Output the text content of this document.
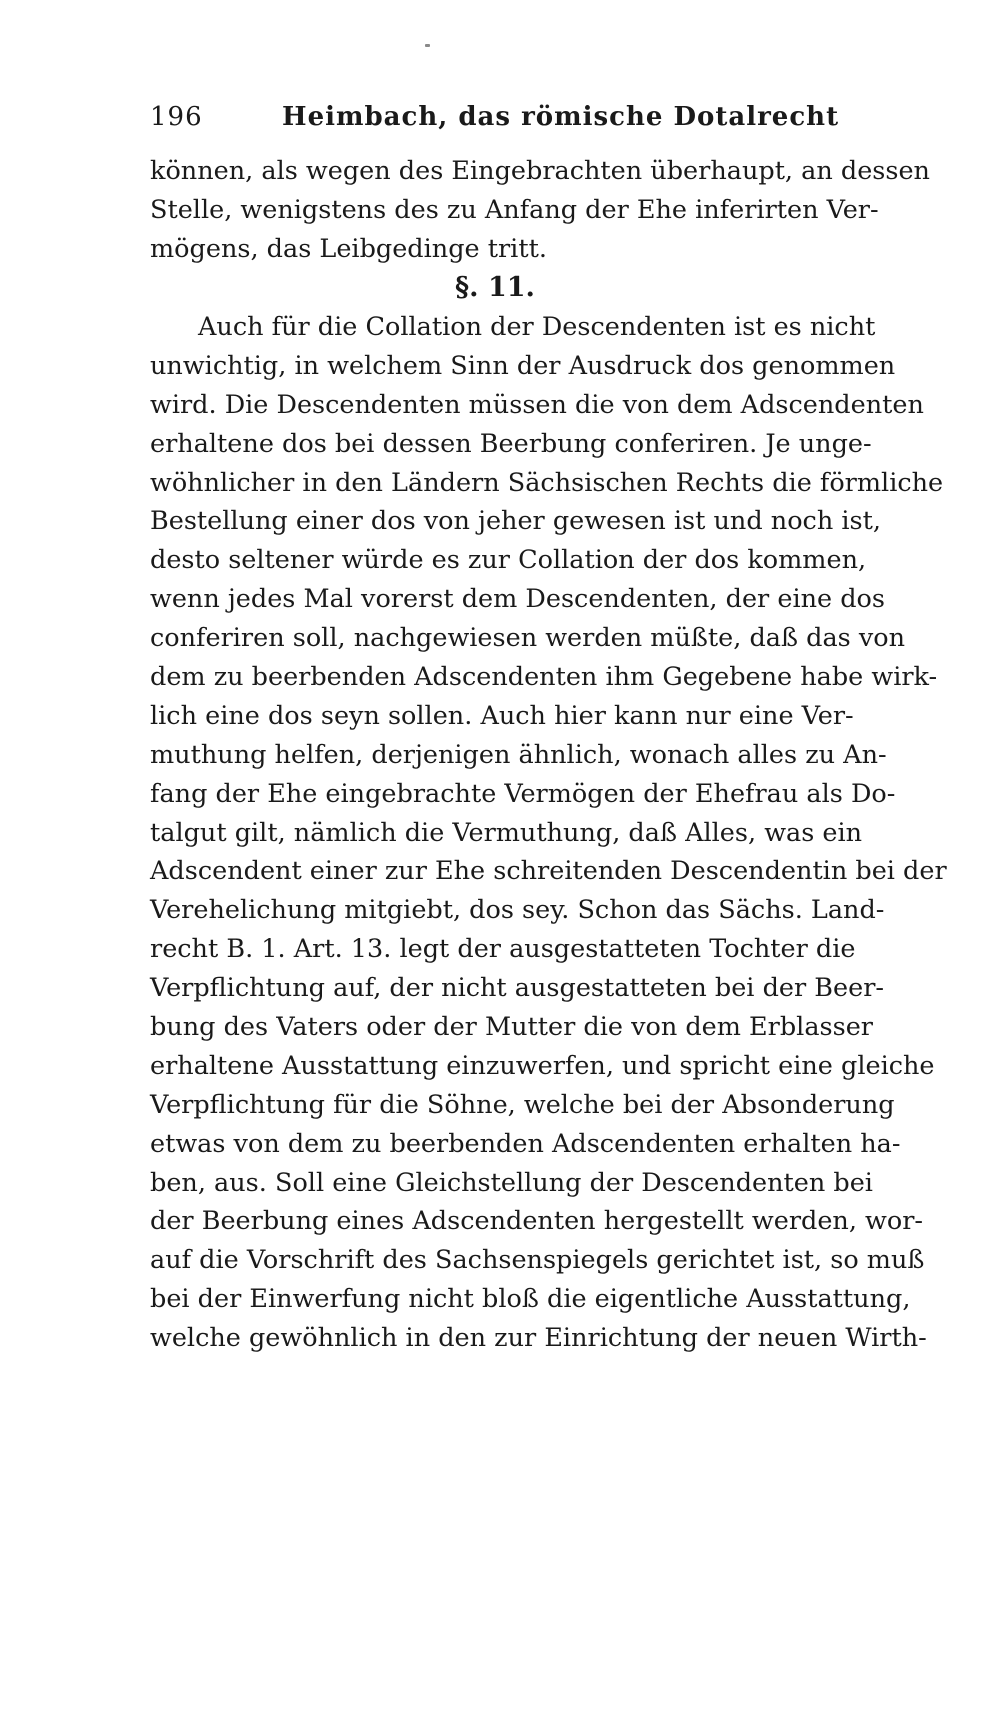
196	Heimbach, das römische Dotalrecht
können, als wegen des Eingebrachten überhaupt, an dessen
Stelle, wenigstens des zu Anfang der Ehe inferirten Ver-
mögens, das Leibgedinge tritt.
§. 11.
Auch für die Collation der Descendenten ist es nicht
unwichtig, in welchem Sinn der Ausdruck dos genommen
wird. Die Descendenten müssen die von dem Adscendenten
erhaltene dos bei dessen Beerbung conferiren. Je unge-
wöhnlicher in den Ländern Sächsischen Rechts die förmliche
Bestellung einer dos von jeher gewesen ist und noch ist,
desto seltener würde es zur Collation der dos kommen,
wenn jedes Mal vorerst dem Descendenten, der eine dos
conferiren soll, nachgewiesen werden müßte, daß das von
dem zu beerbenden Adscendenten ihm Gegebene habe wirk-
lich eine dos seyn sollen. Auch hier kann nur eine Ver-
muthung helfen, derjenigen ähnlich, wonach alles zu An-
fang der Ehe eingebrachte Vermögen der Ehefrau als Do-
talgut gilt, nämlich die Vermuthung, daß Alles, was ein
Adscendent einer zur Ehe schreitenden Descendentin bei der
Verehelichung mitgiebt, dos sey. Schon das Sächs. Land-
recht B. 1. Art. 13. legt der ausgestatteten Tochter die
Verpflichtung auf, der nicht ausgestatteten bei der Beer-
bung des Vaters oder der Mutter die von dem Erblasser
erhaltene Ausstattung einzuwerfen, und spricht eine gleiche
Verpflichtung für die Söhne, welche bei der Absonderung
etwas von dem zu beerbenden Adscendenten erhalten ha-
ben, aus. Soll eine Gleichstellung der Descendenten bei
der Beerbung eines Adscendenten hergestellt werden, wor-
auf die Vorschrift des Sachsenspiegels gerichtet ist, so muß
bei der Einwerfung nicht bloß die eigentliche Ausstattung,
welche gewöhnlich in den zur Einrichtung der neuen Wirth-
